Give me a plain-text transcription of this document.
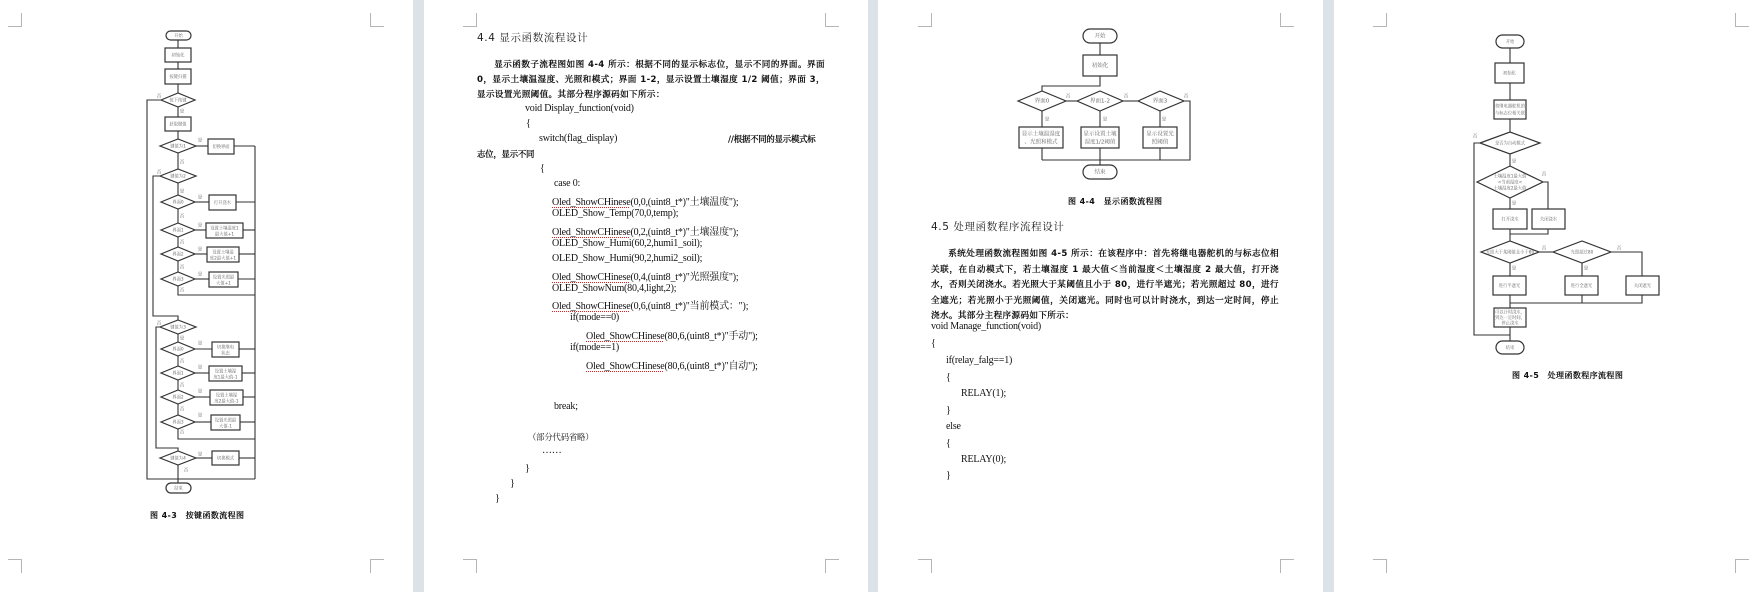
开始
初始化
按键扫描
按下按键
获取键值
键值为1	切换界面
键值为2
界面0	打开浇水
界面1	设置土壤湿度1
最大值+1
界面2	设置土壤湿
度2最大值+1
界面3	设置光照最
大值+1
键值为3
界面0	切换继电
状态
界面1	设置土壤湿
度1最大值-1
界面2	设置土壤湿
度2最大值-1
界面3	设置光照最
大值-1
键值为4	切换模式
结束
否
是
是
否
否
是
是
否
是
否
是
否
是
否
否
是
是
否
是
否
是
否
是
否
是
否
图 4-3　按键函数流程图
4.4 显示函数流程设计
显示函数子流程图如图 4-4 所示：根据不同的显示标志位，显示不同的界面。界面 0，显示土壤温湿度、光照和模式；界面 1-2，显示设置土壤湿度 1/2 阈值；界面 3，显示设置光照阈值。其部分程序源码如下所示：
void Display_function(void)
{
switch(flag_display)	//根据不同的显示模式标
志位，显示不同
{
case 0:
Oled_ShowCHinese(0,0,(uint8_t*)"土壤温度");
OLED_Show_Temp(70,0,temp);
Oled_ShowCHinese(0,2,(uint8_t*)"土壤湿度");
OLED_Show_Humi(60,2,humi1_soil);
OLED_Show_Humi(90,2,humi2_soil);
Oled_ShowCHinese(0,4,(uint8_t*)"光照强度");
OLED_ShowNum(80,4,light,2);
Oled_ShowCHinese(0,6,(uint8_t*)"当前模式：");
if(mode==0)
Oled_ShowCHinese(80,6,(uint8_t*)"手动");
if(mode==1)
Oled_ShowCHinese(80,6,(uint8_t*)"自动");
break;
（部分代码省略）
……
}
}
}
开始
初始化
界面0	界面1-2	界面3
显示土壤温湿度
、光照和模式
显示设置土壤
湿度1/2阈值
显示设置光
照阈值
结束
否	否	否
是	是	是
图 4-4　显示函数流程图
4.5 处理函数程序流程设计
系统处理函数流程图如图 4-5 所示：在该程序中：首先将继电器舵机的与标志位相关联，在自动模式下，若土壤湿度 1 最大值＜当前湿度＜土壤湿度 2 最大值，打开浇水，否则关闭浇水。若光照大于某阈值且小于 80，进行半遮光；若光照超过 80，进行全遮光；若光照小于光照阈值，关闭遮光。同时也可以计时浇水，到达一定时间，停止浇水。其部分主程序源码如下所示：
void Manage_function(void)
{
if(relay_falg==1)
{
RELAY(1);
}
else
{
RELAY(0);
}
开始
初始化
将继电器舵机的
与标志位相关联
是否为自动模式
土壤湿度1最大值
<当前湿度<
土壤湿度2最大值
打开浇水	关闭浇水
光照大于某阈值且小于80	光照超过80
进行半遮光	进行全遮光	关闭遮光
可以计时浇水，
到达一定时间，
停止浇水
结束
否
是
否
是
否	否
是	是
图 4-5　处理函数程序流程图
